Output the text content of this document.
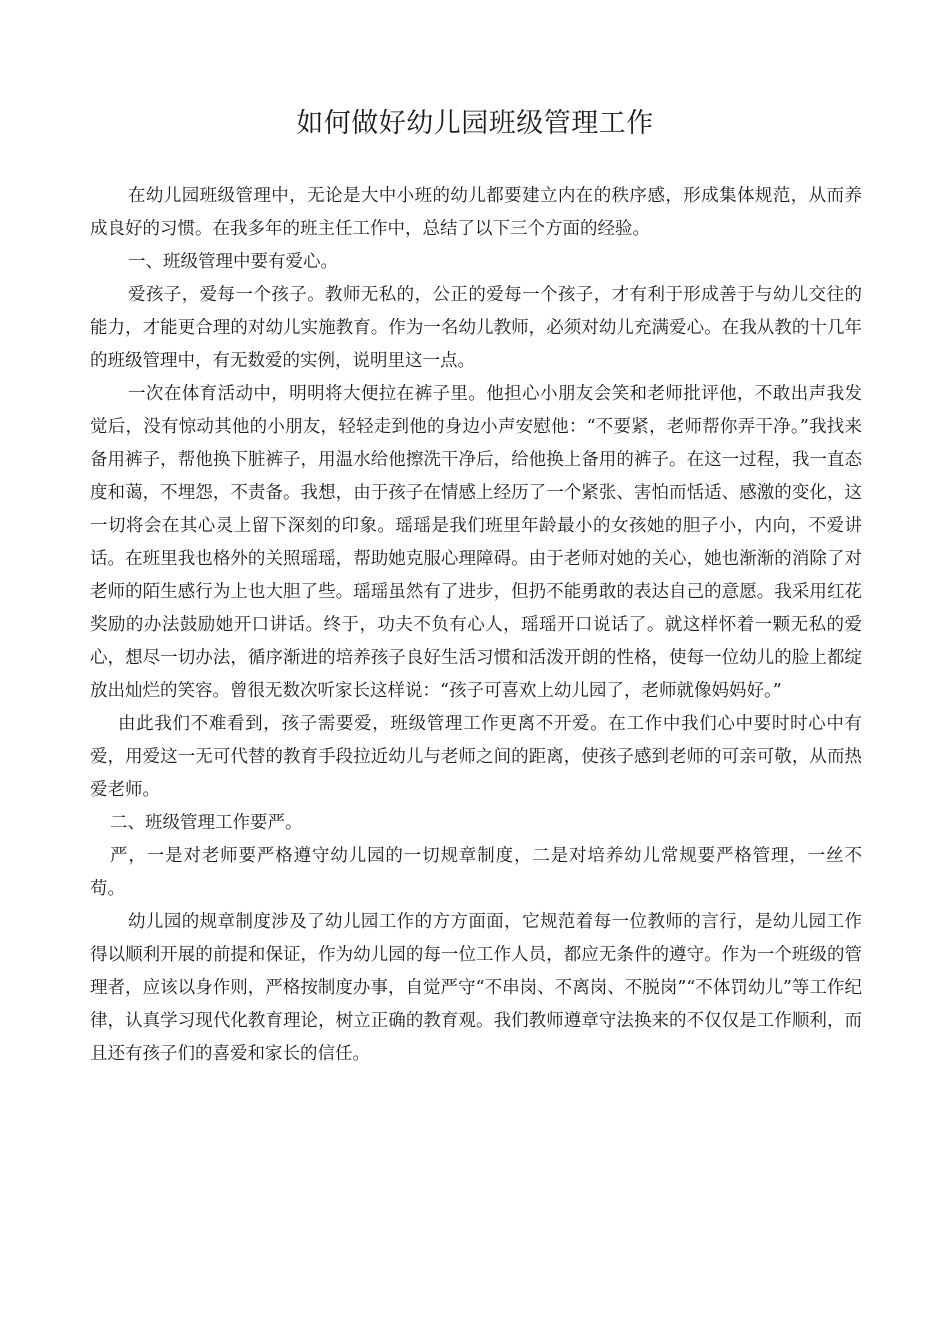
如何做好幼儿园班级管理工作

在幼儿园班级管理中，无论是大中小班的幼儿都要建立内在的秩序感，形成集体规范，从而养成良好的习惯。在我多年的班主任工作中，总结了以下三个方面的经验。

一、班级管理中要有爱心。

爱孩子，爱每一个孩子。教师无私的，公正的爱每一个孩子，才有利于形成善于与幼儿交往的能力，才能更合理的对幼儿实施教育。作为一名幼儿教师，必须对幼儿充满爱心。在我从教的十几年的班级管理中，有无数爱的实例，说明里这一点。

一次在体育活动中，明明将大便拉在裤子里。他担心小朋友会笑和老师批评他，不敢出声我发觉后，没有惊动其他的小朋友，轻轻走到他的身边小声安慰他：“不要紧，老师帮你弄干净。”我找来备用裤子，帮他换下脏裤子，用温水给他擦洗干净后，给他换上备用的裤子。在这一过程，我一直态度和蔼，不埋怨，不责备。我想，由于孩子在情感上经历了一个紧张、害怕而恬适、感激的变化，这一切将会在其心灵上留下深刻的印象。瑶瑶是我们班里年龄最小的女孩她的胆子小，内向，不爱讲话。在班里我也格外的关照瑶瑶，帮助她克服心理障碍。由于老师对她的关心，她也渐渐的消除了对老师的陌生感行为上也大胆了些。瑶瑶虽然有了进步，但扔不能勇敢的表达自己的意愿。我采用红花奖励的办法鼓励她开口讲话。终于，功夫不负有心人，瑶瑶开口说话了。就这样怀着一颗无私的爱心，想尽一切办法，循序渐进的培养孩子良好生活习惯和活泼开朗的性格，使每一位幼儿的脸上都绽放出灿烂的笑容。曾很无数次听家长这样说：“孩子可喜欢上幼儿园了，老师就像妈妈好。”

由此我们不难看到，孩子需要爱，班级管理工作更离不开爱。在工作中我们心中要时时心中有爱，用爱这一无可代替的教育手段拉近幼儿与老师之间的距离，使孩子感到老师的可亲可敬，从而热爱老师。

二、班级管理工作要严。

严，一是对老师要严格遵守幼儿园的一切规章制度，二是对培养幼儿常规要严格管理，一丝不苟。

幼儿园的规章制度涉及了幼儿园工作的方方面面，它规范着每一位教师的言行，是幼儿园工作得以顺利开展的前提和保证，作为幼儿园的每一位工作人员，都应无条件的遵守。作为一个班级的管理者，应该以身作则，严格按制度办事，自觉严守“不串岗、不离岗、不脱岗”“不体罚幼儿”等工作纪律，认真学习现代化教育理论，树立正确的教育观。我们教师遵章守法换来的不仅仅是工作顺利，而且还有孩子们的喜爱和家长的信任。
